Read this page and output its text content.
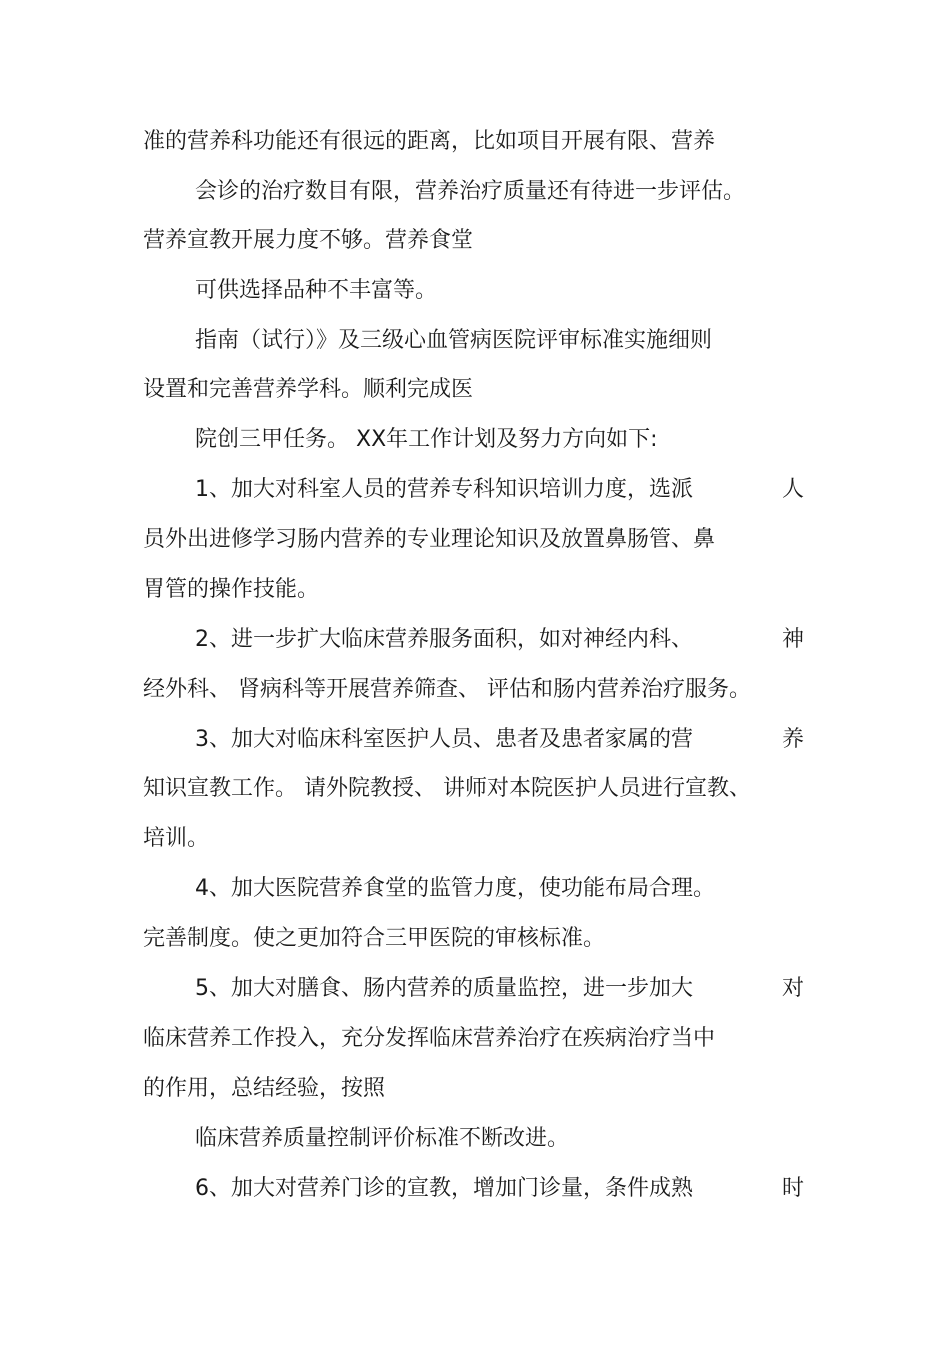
准的营养科功能还有很远的距离，比如项目开展有限、营养

会诊的治疗数目有限，营养治疗质量还有待进一步评估。

营养宣教开展力度不够。营养食堂

可供选择品种不丰富等。

指南（试行）》及三级心血管病医院评审标准实施细则

设置和完善营养学科。顺利完成医

院创三甲任务。 XX年工作计划及努力方向如下:

1、加大对科室人员的营养专科知识培训力度，选派	人

员外出进修学习肠内营养的专业理论知识及放置鼻肠管、鼻

胃管的操作技能。

2、进一步扩大临床营养服务面积，如对神经内科、	神

经外科、 肾病科等开展营养筛查、 评估和肠内营养治疗服务。

3、加大对临床科室医护人员、患者及患者家属的营	养

知识宣教工作。 请外院教授、 讲师对本院医护人员进行宣教、

培训。

4、加大医院营养食堂的监管力度，使功能布局合理。

完善制度。使之更加符合三甲医院的审核标准。

5、加大对膳食、肠内营养的质量监控，进一步加大	对

临床营养工作投入，充分发挥临床营养治疗在疾病治疗当中

的作用，总结经验，按照

临床营养质量控制评价标准不断改进。

6、加大对营养门诊的宣教，增加门诊量，条件成熟	时
